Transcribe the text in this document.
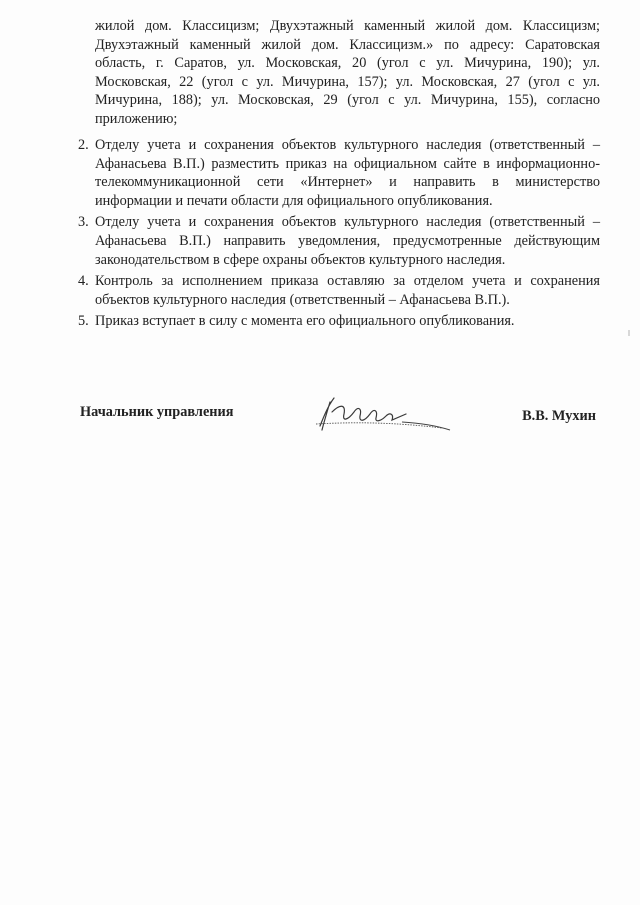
жилой дом. Классицизм; Двухэтажный каменный жилой дом. Классицизм; Двухэтажный каменный жилой дом. Классицизм.» по адресу: Саратовская область, г. Саратов, ул. Московская, 20 (угол с ул. Мичурина, 190); ул. Московская, 22 (угол с ул. Мичурина, 157); ул. Московская, 27 (угол с ул. Мичурина, 188); ул. Московская, 29 (угол с ул. Мичурина, 155), согласно приложению;

2. Отделу учета и сохранения объектов культурного наследия (ответственный – Афанасьева В.П.) разместить приказ на официальном сайте в информационно-телекоммуникационной сети «Интернет» и направить в министерство информации и печати области для официального опубликования.
3. Отделу учета и сохранения объектов культурного наследия (ответственный – Афанасьева В.П.) направить уведомления, предусмотренные действующим законодательством в сфере охраны объектов культурного наследия.
4. Контроль за исполнением приказа оставляю за отделом учета и сохранения объектов культурного наследия (ответственный – Афанасьева В.П.).
5. Приказ вступает в силу с момента его официального опубликования.
Начальник управления	В.В. Мухин
